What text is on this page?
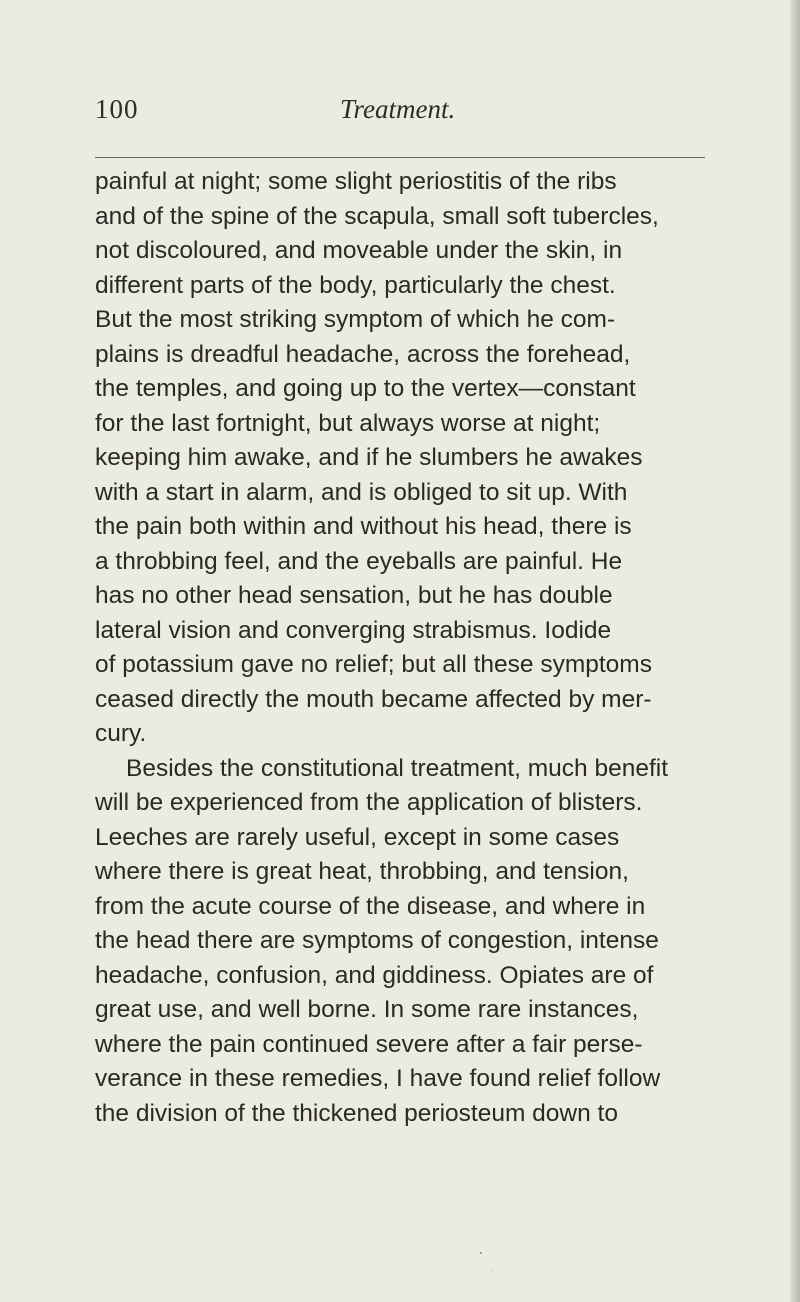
100	Treatment.
painful at night; some slight periostitis of the ribs
and of the spine of the scapula, small soft tubercles,
not discoloured, and moveable under the skin, in
different parts of the body, particularly the chest.
But the most striking symptom of which he com-
plains is dreadful headache, across the forehead,
the temples, and going up to the vertex—constant
for the last fortnight, but always worse at night;
keeping him awake, and if he slumbers he awakes
with a start in alarm, and is obliged to sit up. With
the pain both within and without his head, there is
a throbbing feel, and the eyeballs are painful. He
has no other head sensation, but he has double
lateral vision and converging strabismus. Iodide
of potassium gave no relief; but all these symptoms
ceased directly the mouth became affected by mer-
cury.
Besides the constitutional treatment, much benefit
will be experienced from the application of blisters.
Leeches are rarely useful, except in some cases
where there is great heat, throbbing, and tension,
from the acute course of the disease, and where in
the head there are symptoms of congestion, intense
headache, confusion, and giddiness. Opiates are of
great use, and well borne. In some rare instances,
where the pain continued severe after a fair perse-
verance in these remedies, I have found relief follow
the division of the thickened periosteum down to
